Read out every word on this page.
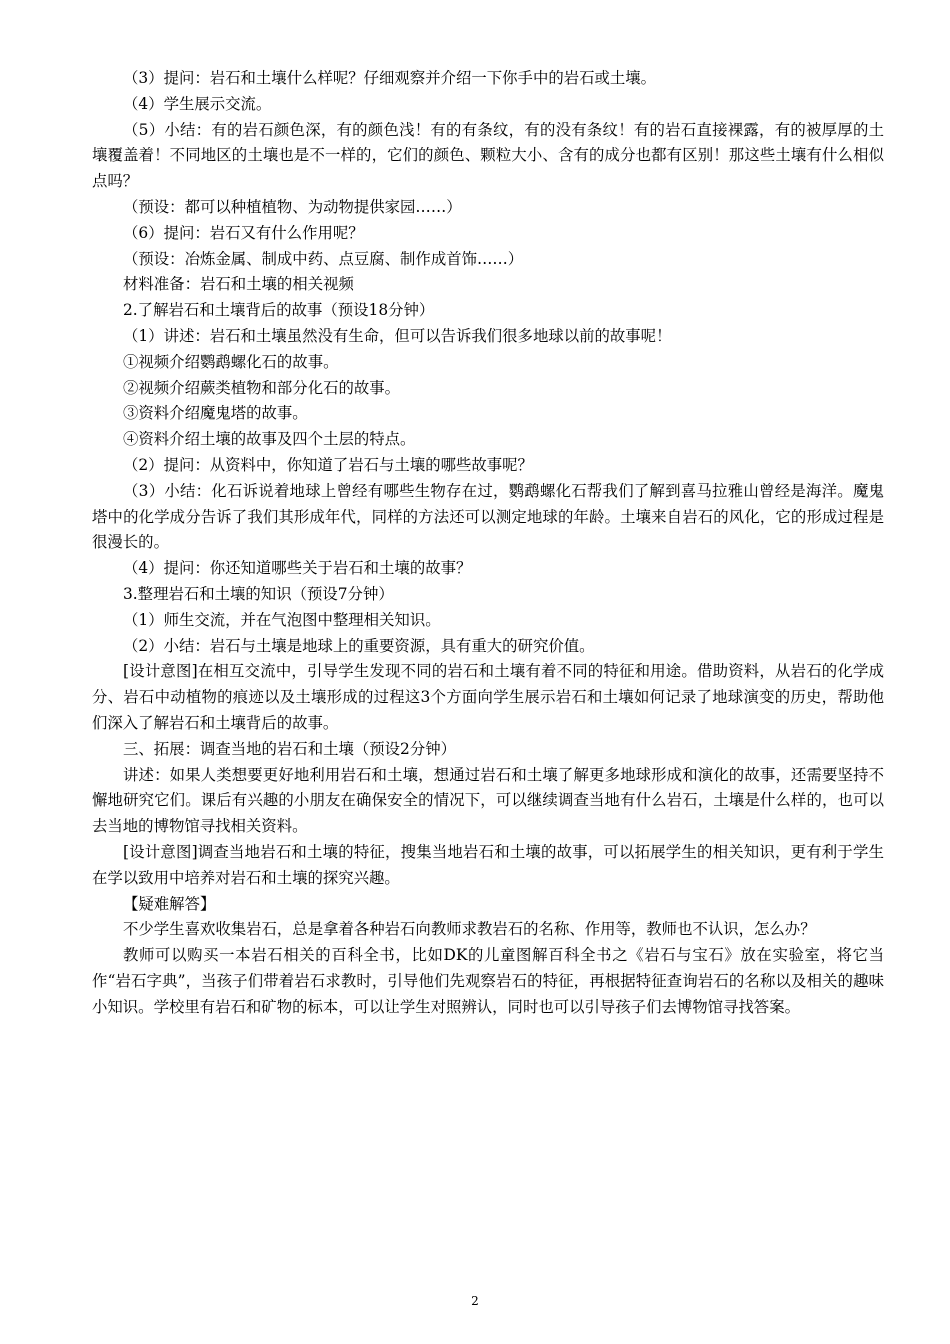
（3）提问：岩石和土壤什么样呢？仔细观察并介绍一下你手中的岩石或土壤。

（4）学生展示交流。

（5）小结：有的岩石颜色深，有的颜色浅！有的有条纹，有的没有条纹！有的岩石直接裸露，有的被厚厚的土壤覆盖着！不同地区的土壤也是不一样的，它们的颜色、颗粒大小、含有的成分也都有区别！那这些土壤有什么相似点吗？

（预设：都可以种植植物、为动物提供家园……）

（6）提问：岩石又有什么作用呢？

（预设：冶炼金属、制成中药、点豆腐、制作成首饰……）

材料准备：岩石和土壤的相关视频

2.了解岩石和土壤背后的故事（预设18分钟）

（1）讲述：岩石和土壤虽然没有生命，但可以告诉我们很多地球以前的故事呢！

①视频介绍鹦鹉螺化石的故事。

②视频介绍蕨类植物和部分化石的故事。

③资料介绍魔鬼塔的故事。

④资料介绍土壤的故事及四个土层的特点。

（2）提问：从资料中，你知道了岩石与土壤的哪些故事呢？

（3）小结：化石诉说着地球上曾经有哪些生物存在过，鹦鹉螺化石帮我们了解到喜马拉雅山曾经是海洋。魔鬼塔中的化学成分告诉了我们其形成年代，同样的方法还可以测定地球的年龄。土壤来自岩石的风化，它的形成过程是很漫长的。

（4）提问：你还知道哪些关于岩石和土壤的故事？

3.整理岩石和土壤的知识（预设7分钟）

（1）师生交流，并在气泡图中整理相关知识。

（2）小结：岩石与土壤是地球上的重要资源，具有重大的研究价值。

[设计意图]在相互交流中，引导学生发现不同的岩石和土壤有着不同的特征和用途。借助资料，从岩石的化学成分、岩石中动植物的痕迹以及土壤形成的过程这3个方面向学生展示岩石和土壤如何记录了地球演变的历史，帮助他们深入了解岩石和土壤背后的故事。

三、拓展：调查当地的岩石和土壤（预设2分钟）

讲述：如果人类想要更好地利用岩石和土壤，想通过岩石和土壤了解更多地球形成和演化的故事，还需要坚持不懈地研究它们。课后有兴趣的小朋友在确保安全的情况下，可以继续调查当地有什么岩石，土壤是什么样的，也可以去当地的博物馆寻找相关资料。

[设计意图]调查当地岩石和土壤的特征，搜集当地岩石和土壤的故事，可以拓展学生的相关知识，更有利于学生在学以致用中培养对岩石和土壤的探究兴趣。

【疑难解答】

不少学生喜欢收集岩石，总是拿着各种岩石向教师求教岩石的名称、作用等，教师也不认识，怎么办？

教师可以购买一本岩石相关的百科全书，比如DK的儿童图解百科全书之《岩石与宝石》放在实验室，将它当作“岩石字典”，当孩子们带着岩石求教时，引导他们先观察岩石的特征，再根据特征查询岩石的名称以及相关的趣味小知识。学校里有岩石和矿物的标本，可以让学生对照辨认，同时也可以引导孩子们去博物馆寻找答案。

2
